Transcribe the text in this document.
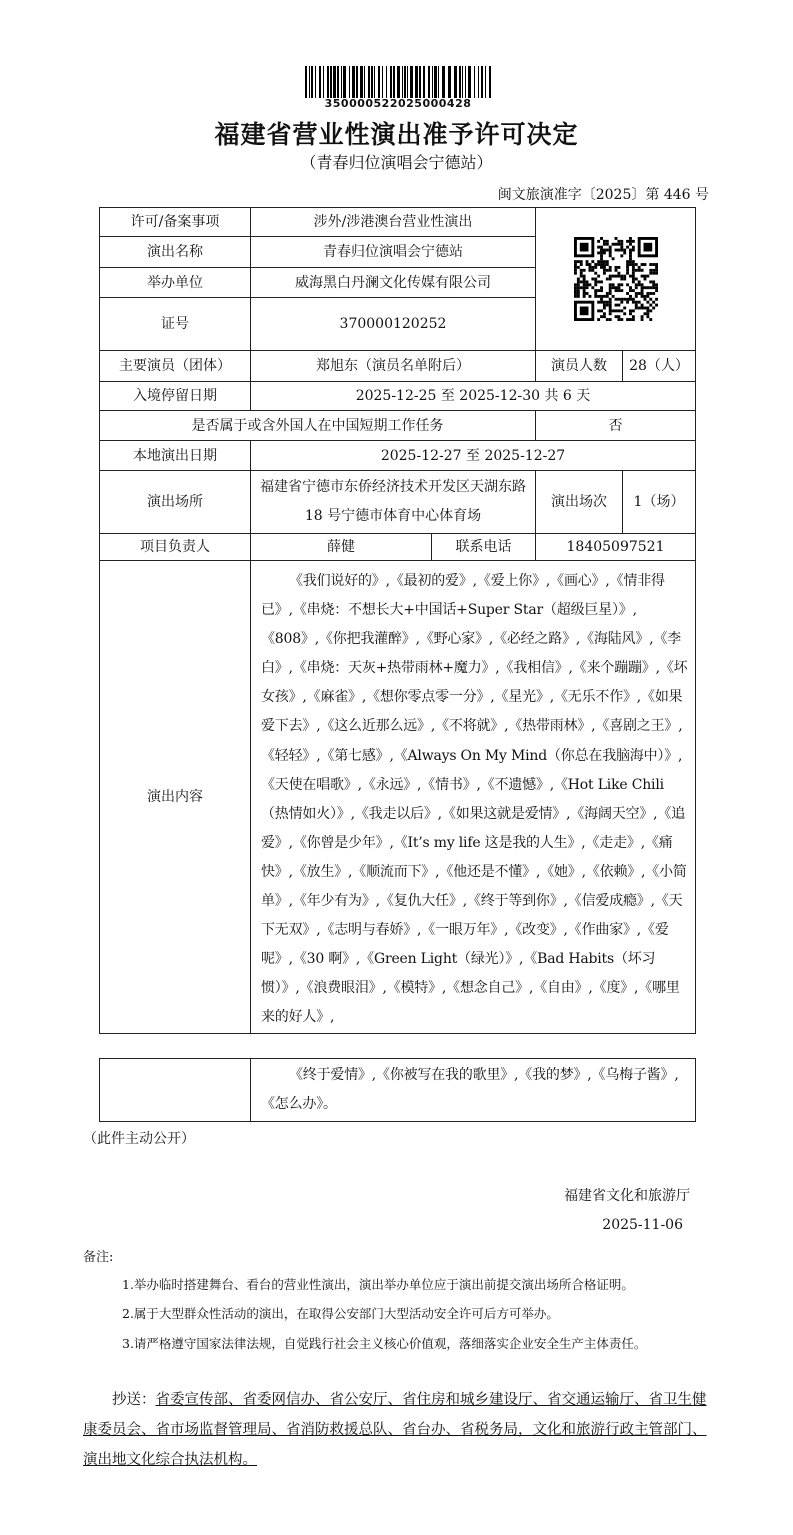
350000522025000428
福建省营业性演出准予许可决定
（青春归位演唱会宁德站）
闽文旅演准字〔2025〕第 446 号
许可/备案事项	涉外/涉港澳台营业性演出	

演出名称	青春归位演唱会宁德站			
举办单位	威海黑白丹澜文化传媒有限公司			
证号	370000120252			
主要演员（团体）	郑旭东（演员名单附后）		演员人数	28（人）
入境停留日期	2025-12-25 至 2025-12-30 共 6 天			
是否属于或含外国人在中国短期工作任务			否	
本地演出日期	2025-12-27 至 2025-12-27			
演出场所	福建省宁德市东侨经济技术开发区天湖东路 18 号宁德市体育中心体育场		演出场次	1（场）
项目负责人	薛健	联系电话	18405097521	
演出内容	《我们说好的》,《最初的爱》,《爱上你》,《画心》,《情非得已》,《串烧：不想长大+中国话+Super Star（超级巨星）》,《808》,《你把我灌醉》,《野心家》,《必经之路》,《海陆风》,《李白》,《串烧：天灰+热带雨林+魔力》,《我相信》,《来个蹦蹦》,《坏女孩》,《麻雀》,《想你零点零一分》,《星光》,《无乐不作》,《如果爱下去》,《这么近那么远》,《不将就》,《热带雨林》,《喜剧之王》,《轻轻》,《第七感》,《Always On My Mind（你总在我脑海中）》,《天使在唱歌》,《永远》,《情书》,《不遗憾》,《Hot Like Chili（热情如火）》,《我走以后》,《如果这就是爱情》,《海阔天空》,《追爱》,《你曾是少年》,《It’s my life 这是我的人生》,《走走》,《痛快》,《放生》,《顺流而下》,《他还是不懂》,《她》,《依赖》,《小简单》,《年少有为》,《复仇大任》,《终于等到你》,《信爱成瘾》,《天下无双》,《志明与春娇》,《一眼万年》,《改变》,《作曲家》,《爱呢》,《30 啊》,《Green Light（绿光）》,《Bad Habits（坏习惯）》,《浪费眼泪》,《模特》,《想念自己》,《自由》,《度》,《哪里来的好人》,			
	《终于爱情》,《你被写在我的歌里》,《我的梦》,《乌梅子酱》,《怎么办》。
（此件主动公开）
福建省文化和旅游厅
2025-11-06
备注:
1.举办临时搭建舞台、看台的营业性演出，演出举办单位应于演出前提交演出场所合格证明。
2.属于大型群众性活动的演出，在取得公安部门大型活动安全许可后方可举办。
3.请严格遵守国家法律法规，自觉践行社会主义核心价值观，落细落实企业安全生产主体责任。
抄送：省委宣传部、省委网信办、省公安厅、省住房和城乡建设厅、省交通运输厅、省卫生健康委员会、省市场监督管理局、省消防救援总队、省台办、省税务局，文化和旅游行政主管部门、演出地文化综合执法机构。
